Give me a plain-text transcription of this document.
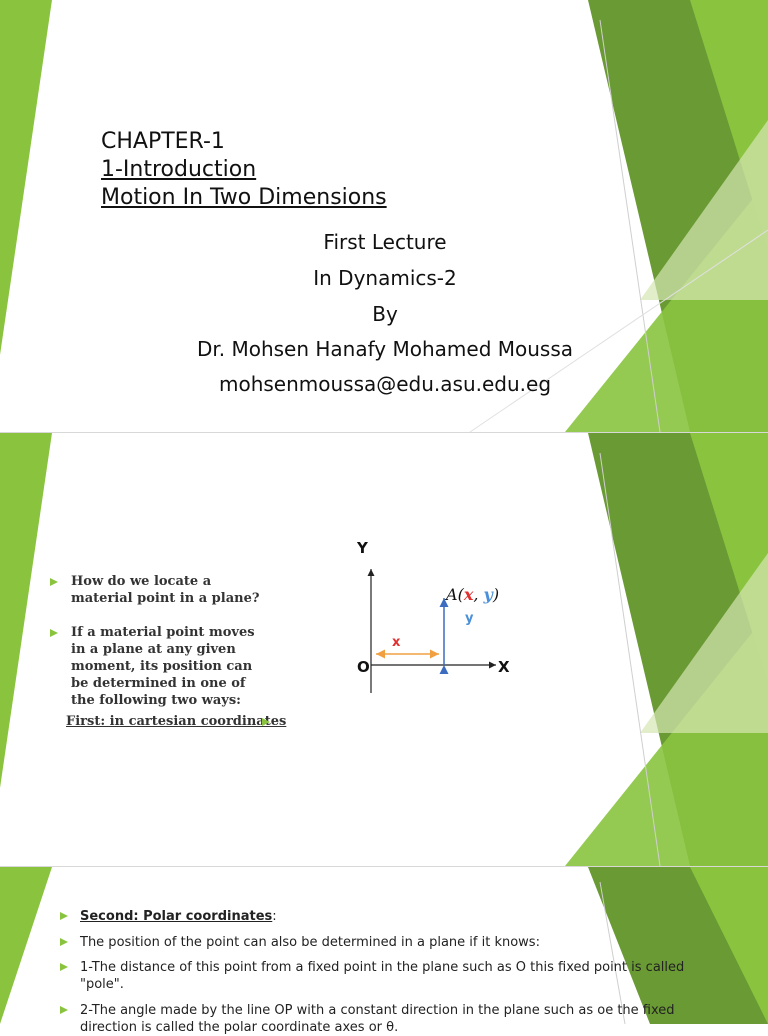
CHAPTER-1
1-Introduction
Motion In Two Dimensions
First Lecture
In Dynamics-2
By
Dr. Mohsen Hanafy Mohamed Moussa
mohsenmoussa@edu.asu.edu.eg
How do we locate a material point in a plane?
If a material point moves in a plane at any given moment, its position can be determined in one of the following two ways:
First: in cartesian coordinates
Y
X
O
x
y
A(x, y)
Second: Polar coordinates:
The position of the point can also be determined in a plane if it knows:
1-The distance of this point from a fixed point in the plane such as O this fixed point is called "pole".
2-The angle made by the line OP with a constant direction in the plane such as oe the fixed direction is called the polar coordinate axes or θ.
